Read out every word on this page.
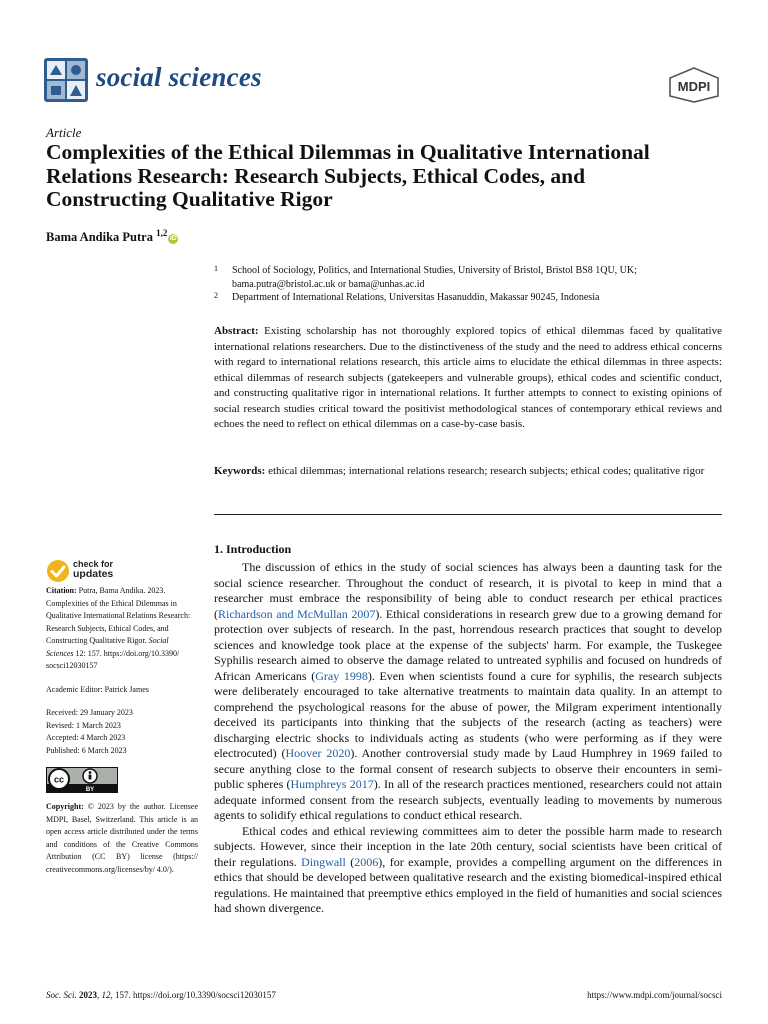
social sciences	MDPI
Article
Complexities of the Ethical Dilemmas in Qualitative International Relations Research: Research Subjects, Ethical Codes, and Constructing Qualitative Rigor
Bama Andika Putra $^{1,2}$iD
1 School of Sociology, Politics, and International Studies, University of Bristol, Bristol BS8 1QU, UK; bama.putra@bristol.ac.uk or bama@unhas.ac.id
2 Department of International Relations, Universitas Hasanuddin, Makassar 90245, Indonesia
Abstract: Existing scholarship has not thoroughly explored topics of ethical dilemmas faced by qualitative international relations researchers. Due to the distinctiveness of the study and the need to address ethical concerns with regard to international relations research, this article aims to elucidate the ethical dilemmas in three aspects: ethical dilemmas of research subjects (gatekeepers and vulnerable groups), ethical codes and scientific conduct, and constructing qualitative rigor in international relations. It further attempts to connect to existing opinions of social research studies critical toward the positivist methodological stances of contemporary ethical reviews and echoes the need to reflect on ethical dilemmas on a case-by-case basis.
Keywords: ethical dilemmas; international relations research; research subjects; ethical codes; qualitative rigor
check for
updates

Citation: Putra, Bama Andika. 2023. Complexities of the Ethical Dilemmas in Qualitative International Relations Research: Research Subjects, Ethical Codes, and Constructing Qualitative Rigor. Social Sciences 12: 157. https://doi.org/10.3390/ socsci12030157

Academic Editor: Patrick James

Received: 29 January 2023

Revised: 1 March 2023

Accepted: 4 March 2023

Published: 6 March 2023

cc
BY

Copyright: © 2023 by the author. Licensee MDPI, Basel, Switzerland. This article is an open access article distributed under the terms and conditions of the Creative Commons Attribution (CC BY) license (https:// creativecommons.org/licenses/by/ 4.0/).

1. Introduction

The discussion of ethics in the study of social sciences has always been a daunting task for the social science researcher. Throughout the conduct of research, it is pivotal to keep in mind that a researcher must embrace the responsibility of being able to conduct research per ethical practices (Richardson and McMullan 2007). Ethical considerations in research grew due to a growing demand for protection over subjects of research. In the past, horrendous research practices that sought to develop sciences and knowledge took place at the expense of the subjects' harm. For example, the Tuskegee Syphilis research aimed to observe the damage related to untreated syphilis and focused on hundreds of African Americans (Gray 1998). Even when scientists found a cure for syphilis, the research subjects were deliberately encouraged to take alternative treatments to maintain data quality. In an attempt to comprehend the psychological reasons for the abuse of power, the Milgram experiment intentionally deceived its participants into thinking that the subjects of the research (acting as teachers) were discharging electric shocks to individuals acting as students (who were performing as if they were electrocuted) (Hoover 2020). Another controversial study made by Laud Humphrey in 1969 failed to secure anything close to the formal consent of research subjects to observe their encounters in semi-public spheres (Humphreys 2017). In all of the research practices mentioned, researchers could not attain adequate informed consent from the research subjects, eventually leading to movements by numerous agents to solidify ethical regulations to conduct ethical research.

Ethical codes and ethical reviewing committees aim to deter the possible harm made to research subjects. However, since their inception in the late 20th century, social scientists have been critical of their regulations. Dingwall (2006), for example, provides a compelling argument on the differences in ethics that should be developed between qualitative research and the existing biomedical-inspired ethical regulations. He maintained that preemptive ethics employed in the field of humanities and social sciences had shown divergence.

Soc. Sci. 2023, 12, 157. https://doi.org/10.3390/socsci12030157	https://www.mdpi.com/journal/socsci
